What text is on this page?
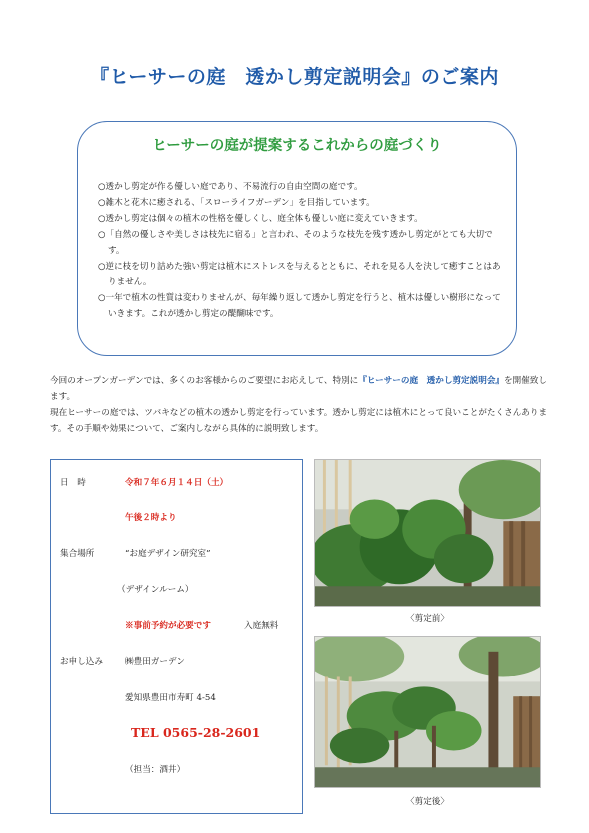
『ヒーサーの庭　透かし剪定説明会』のご案内
ヒーサーの庭が提案するこれからの庭づくり
○透かし剪定が作る優しい庭であり、不易流行の自由空間の庭です。
○雑木と花木に癒される、「スローライフガーデン」を目指しています。
○透かし剪定は個々の植木の性格を優しくし、庭全体も優しい庭に変えていきます。
○「自然の優しさや美しさは枝先に宿る」と言われ、そのような枝先を残す透かし剪定がとても大切です。
○逆に枝を切り詰めた強い剪定は植木にストレスを与えるとともに、それを見る人を決して癒すことはありません。
○一年で植木の性質は変わりませんが、毎年繰り返して透かし剪定を行うと、植木は優しい樹形になっていきます。これが透かし剪定の醍醐味です。

今回のオープンガーデンでは、多くのお客様からのご要望にお応えして、特別に『ヒーサーの庭　透かし剪定説明会』を開催致します。
現在ヒーサーの庭では、ツバキなどの植木の透かし剪定を行っています。透かし剪定には植木にとって良いことがたくさんあります。その手順や効果について、ご案内しながら具体的に説明致します。

日　時	令和７年６月１４日（土）
午後２時より
集合場所	“お庭デザイン研究室”
（デザインルーム）
※事前予約が必要です	入庭無料
お申し込み	㈱豊田ガーデン
愛知県豊田市寿町 4-54
TEL 0565-28-2601
（担当：酒井）
〈剪定前〉
〈剪定後〉
